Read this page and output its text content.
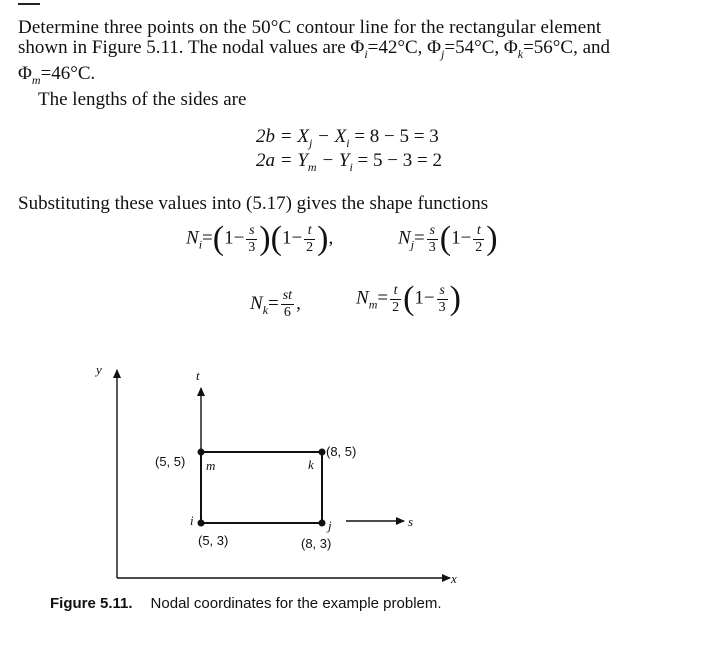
Determine three points on the 50°C contour line for the rectangular element
shown in Figure 5.11. The nodal values are $\Phi_i=42^\circ C$, $\Phi_j=54^\circ C$, $\Phi_k=56^\circ C$, and
$\Phi_m=46^\circ C$.
The lengths of the sides are
$2b = X_j - X_i = 8 - 5 = 3$
$2a = Y_m - Y_i = 5 - 3 = 2$
Substituting these values into (5.17) gives the shape functions
$N_i=(1- \frac{s}{3} )(1- \frac{t}{2}$ ),	$N_j= \frac{s}{3} (1- \frac{t}{2}$ )
$N_k= \frac{st}{6}$ ,	$N_m= \frac{t}{2} (1- \frac{s}{3}$ )
y
x
t
s
(5, 5)
(8, 5)
(5, 3)	(8, 3)
m	k
i	j
Figure 5.11. Nodal coordinates for the example problem.
